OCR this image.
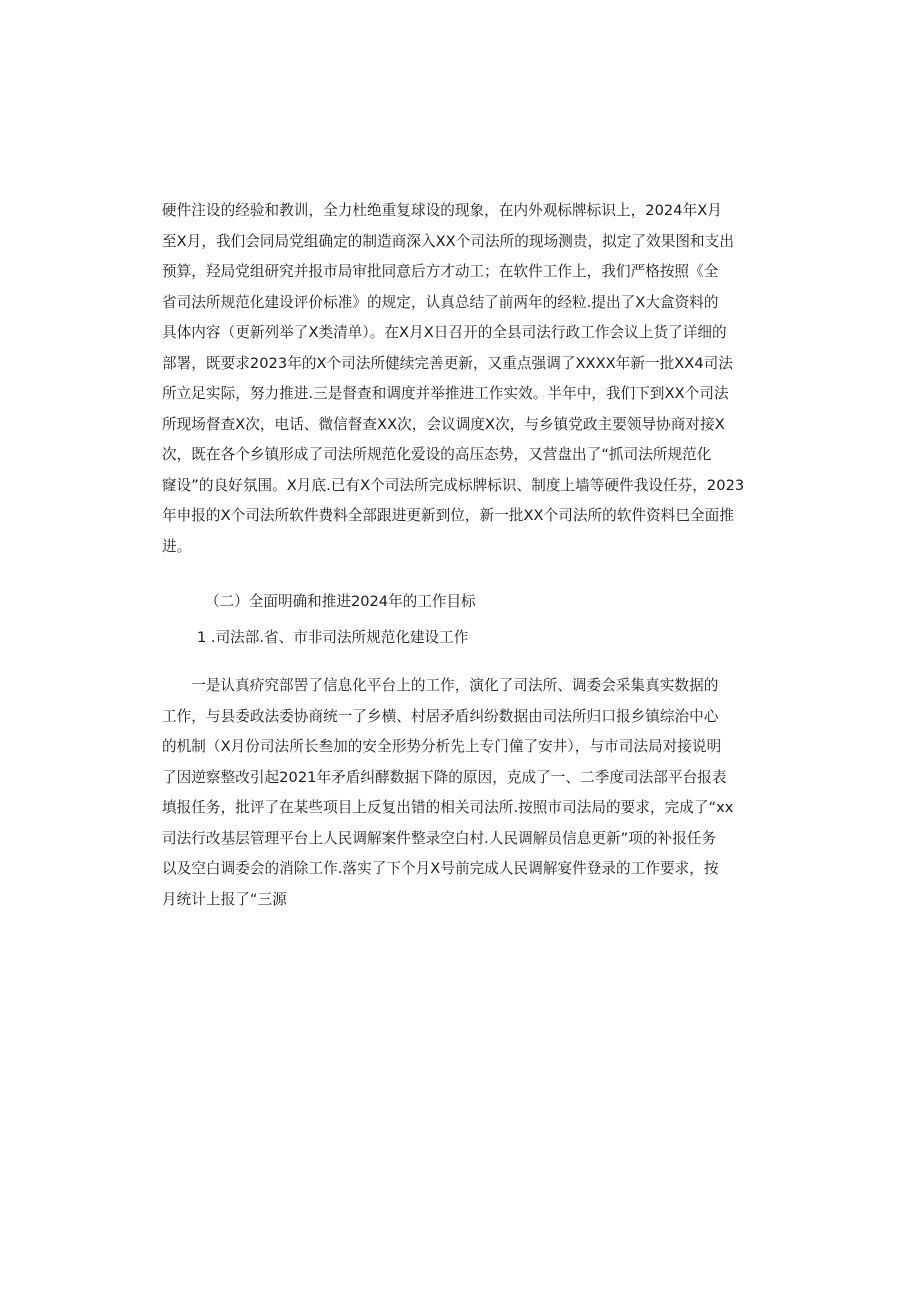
硬件注设的经验和教训，全力杜绝重复球设的现象，在内外观标牌标识上，2024年X月
至X月，我们会同局党组确定的制造商深入XX个司法所的现场测贵，拟定了效果图和支出
预算，羟局党组研究并报市局审批同意后方才动工；在软件工作上，我们严格按照《全
省司法所规范化建设评价标准》的规定，认真总结了前两年的经粒.提出了X大盒资料的
具体内容（更新列举了X类清单）。在X月X日召开的全县司法行政工作会议上货了详细的
部署，既要求2023年的X个司法所健续完善更新，又重点强调了XXXX年新一批XX4司法
所立足实际，努力推进.三是督查和调度并举推进工作实效。半年中，我们下到XX个司法
所现场督查X次，电话、微信督查XX次，会议调度X次，与乡镇党政主要领导协商对接X
次，既在各个乡镇形成了司法所规范化爱设的高压态势，又营盘出了“抓司法所规范化
窿设”的良好氛围。X月底.已有X个司法所完成标牌标识、制度上墙等硬件我设任芬，2023
年申报的X个司法所软件费料全部跟进更新到位，新一批XX个司法所的软件资料巳全面推
进。
（二）全面明确和推进2024年的工作目标
1 .司法部.省、市非司法所规范化建设工作
一是认真疥究部罟了信息化平台上的工作，演化了司法所、调委会采集真实数据的
工作，与县委政法委协商统一了乡横、村居矛盾纠纷数据由司法所归口报乡镇综治中心
的机制（X月份司法所长叁加的安全形势分析先上专门僮了安井），与市司法局对接说明
了因逆察整改引起2021年矛盾纠酵数据下降的原因，克成了一、二季度司法部平台报表
填报任务，批评了在某些项目上反复出错的相关司法所.按照市司法局的要求，完成了“xx
司法行改基层管理平台上人民调解案件整录空白村.人民调解员信息更新”项的补报任务
以及空白调委会的消除工作.落实了下个月X号前完成人民调解宴件登录的工作要求，按
月统计上报了“三源
